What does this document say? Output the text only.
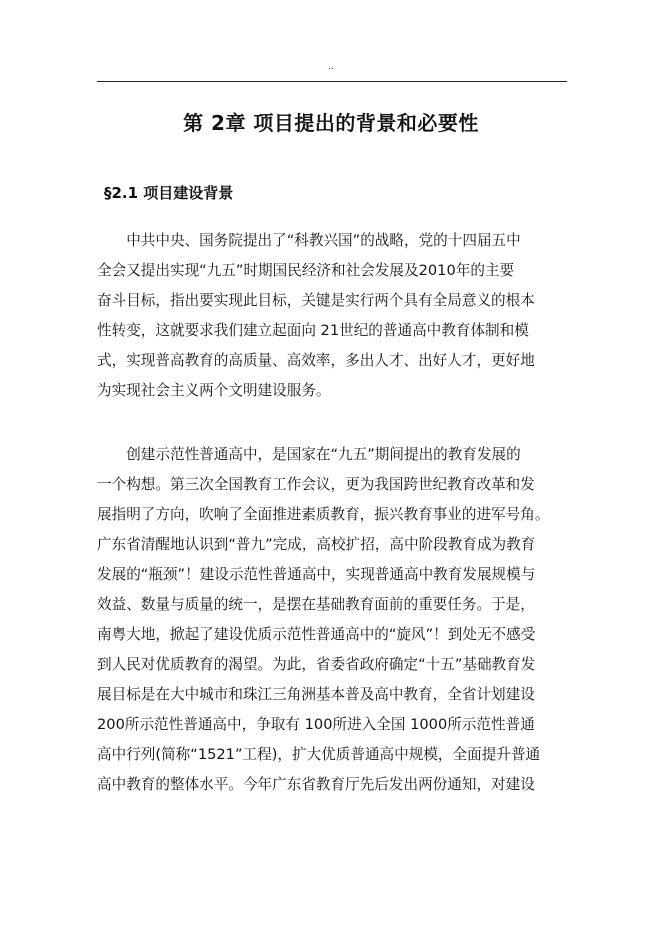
..
第 2章 项目提出的背景和必要性
§2.1 项目建设背景
　　中共中央、国务院提出了“科教兴国”的战略，党的十四届五中
全会又提出实现“九五”时期国民经济和社会发展及2010年的主要
奋斗目标，指出要实现此目标，关键是实行两个具有全局意义的根本
性转变，这就要求我们建立起面向 21世纪的普通高中教育体制和模
式，实现普高教育的高质量、高效率，多出人才、出好人才，更好地
为实现社会主义两个文明建设服务。
　　创建示范性普通高中，是国家在“九五”期间提出的教育发展的
一个构想。第三次全国教育工作会议，更为我国跨世纪教育改革和发
展指明了方向，吹响了全面推进素质教育，振兴教育事业的进军号角。
广东省清醒地认识到“普九”完成，高校扩招，高中阶段教育成为教育
发展的“瓶颈”！建设示范性普通高中，实现普通高中教育发展规模与
效益、数量与质量的统一，是摆在基础教育面前的重要任务。于是，
南粤大地，掀起了建设优质示范性普通高中的“旋风”！到处无不感受
到人民对优质教育的渴望。为此，省委省政府确定“十五”基础教育发
展目标是在大中城市和珠江三角洲基本普及高中教育，全省计划建设
200所示范性普通高中，争取有 100所进入全国 1000所示范性普通
高中行列(简称“1521”工程)，扩大优质普通高中规模，全面提升普通
高中教育的整体水平。今年广东省教育厅先后发出两份通知，对建设
